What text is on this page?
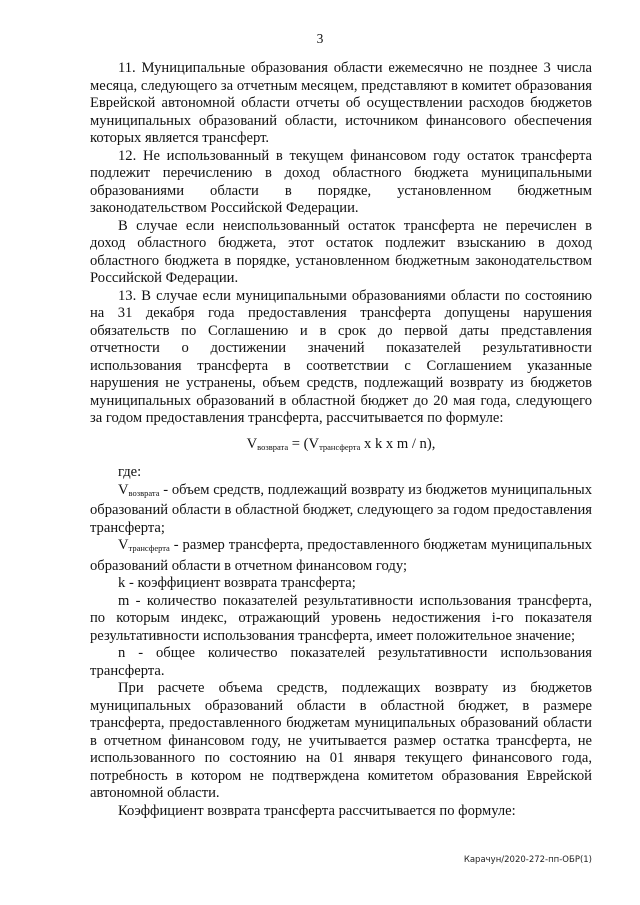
3

11. Муниципальные образования области ежемесячно не позднее 3 числа месяца, следующего за отчетным месяцем, представляют в комитет образования Еврейской автономной области отчеты об осуществлении расходов бюджетов муниципальных образований области, источником финансового обеспечения которых является трансферт.

12. Не использованный в текущем финансовом году остаток трансферта подлежит перечислению в доход областного бюджета муниципальными образованиями области в порядке, установленном бюджетным законодательством Российской Федерации.

В случае если неиспользованный остаток трансферта не перечислен в доход областного бюджета, этот остаток подлежит взысканию в доход областного бюджета в порядке, установленном бюджетным законодательством Российской Федерации.

13. В случае если муниципальными образованиями области по состоянию на 31 декабря года предоставления трансферта допущены нарушения обязательств по Соглашению и в срок до первой даты представления отчетности о достижении значений показателей результативности использования трансферта в соответствии с Соглашением указанные нарушения не устранены, объем средств, подлежащий возврату из бюджетов муниципальных образований в областной бюджет до 20 мая года, следующего за годом предоставления трансферта, рассчитывается по формуле:

$V_{возврата} = (V_{трансферта}$ x k x m / n),

где:

$V_{возврата}$ - объем средств, подлежащий возврату из бюджетов муниципальных образований области в областной бюджет, следующего за годом предоставления трансферта;

$V_{трансферта}$ - размер трансферта, предоставленного бюджетам муниципальных образований области в отчетном финансовом году;

k - коэффициент возврата трансферта;

m - количество показателей результативности использования трансферта, по которым индекс, отражающий уровень недостижения i-го показателя результативности использования трансферта, имеет положительное значение;

n - общее количество показателей результативности использования трансферта.

При расчете объема средств, подлежащих возврату из бюджетов муниципальных образований области в областной бюджет, в размере трансферта, предоставленного бюджетам муниципальных образований области в отчетном финансовом году, не учитывается размер остатка трансферта, не использованного по состоянию на 01 января текущего финансового года, потребность в котором не подтверждена комитетом образования Еврейской автономной области.

Коэффициент возврата трансферта рассчитывается по формуле:

Карачун/2020-272-пп-ОБР(1)
